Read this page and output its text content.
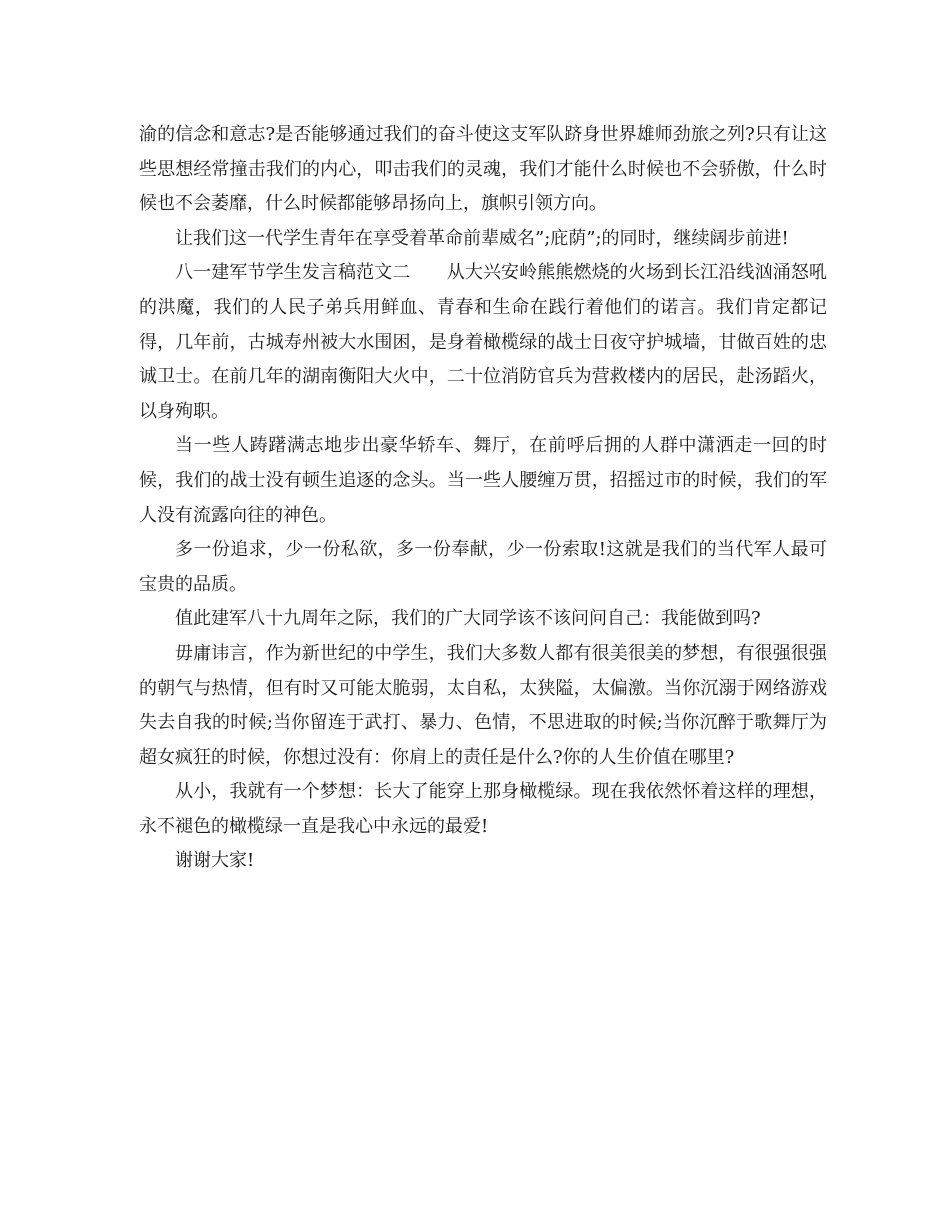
渝的信念和意志?是否能够通过我们的奋斗使这支军队跻身世界雄师劲旅之列?只有让这些思想经常撞击我们的内心，叩击我们的灵魂，我们才能什么时候也不会骄傲，什么时候也不会萎靡，什么时候都能够昂扬向上，旗帜引领方向。

让我们这一代学生青年在享受着革命前辈威名”;庇荫”;的同时，继续阔步前进!

八一建军节学生发言稿范文二　　从大兴安岭熊熊燃烧的火场到长江沿线汹涌怒吼的洪魔，我们的人民子弟兵用鲜血、青春和生命在践行着他们的诺言。我们肯定都记得，几年前，古城寿州被大水围困，是身着橄榄绿的战士日夜守护城墙，甘做百姓的忠诚卫士。在前几年的湖南衡阳大火中，二十位消防官兵为营救楼内的居民，赴汤蹈火，以身殉职。

当一些人踌躇满志地步出豪华轿车、舞厅，在前呼后拥的人群中潇洒走一回的时候，我们的战士没有顿生追逐的念头。当一些人腰缠万贯，招摇过市的时候，我们的军人没有流露向往的神色。

多一份追求，少一份私欲，多一份奉献，少一份索取!这就是我们的当代军人最可宝贵的品质。

值此建军八十九周年之际，我们的广大同学该不该问问自己：我能做到吗?

毋庸讳言，作为新世纪的中学生，我们大多数人都有很美很美的梦想，有很强很强的朝气与热情，但有时又可能太脆弱，太自私，太狭隘，太偏激。当你沉溺于网络游戏失去自我的时候;当你留连于武打、暴力、色情，不思进取的时候;当你沉醉于歌舞厅为超女疯狂的时候，你想过没有：你肩上的责任是什么?你的人生价值在哪里?

从小，我就有一个梦想：长大了能穿上那身橄榄绿。现在我依然怀着这样的理想，永不褪色的橄榄绿一直是我心中永远的最爱!

谢谢大家!
